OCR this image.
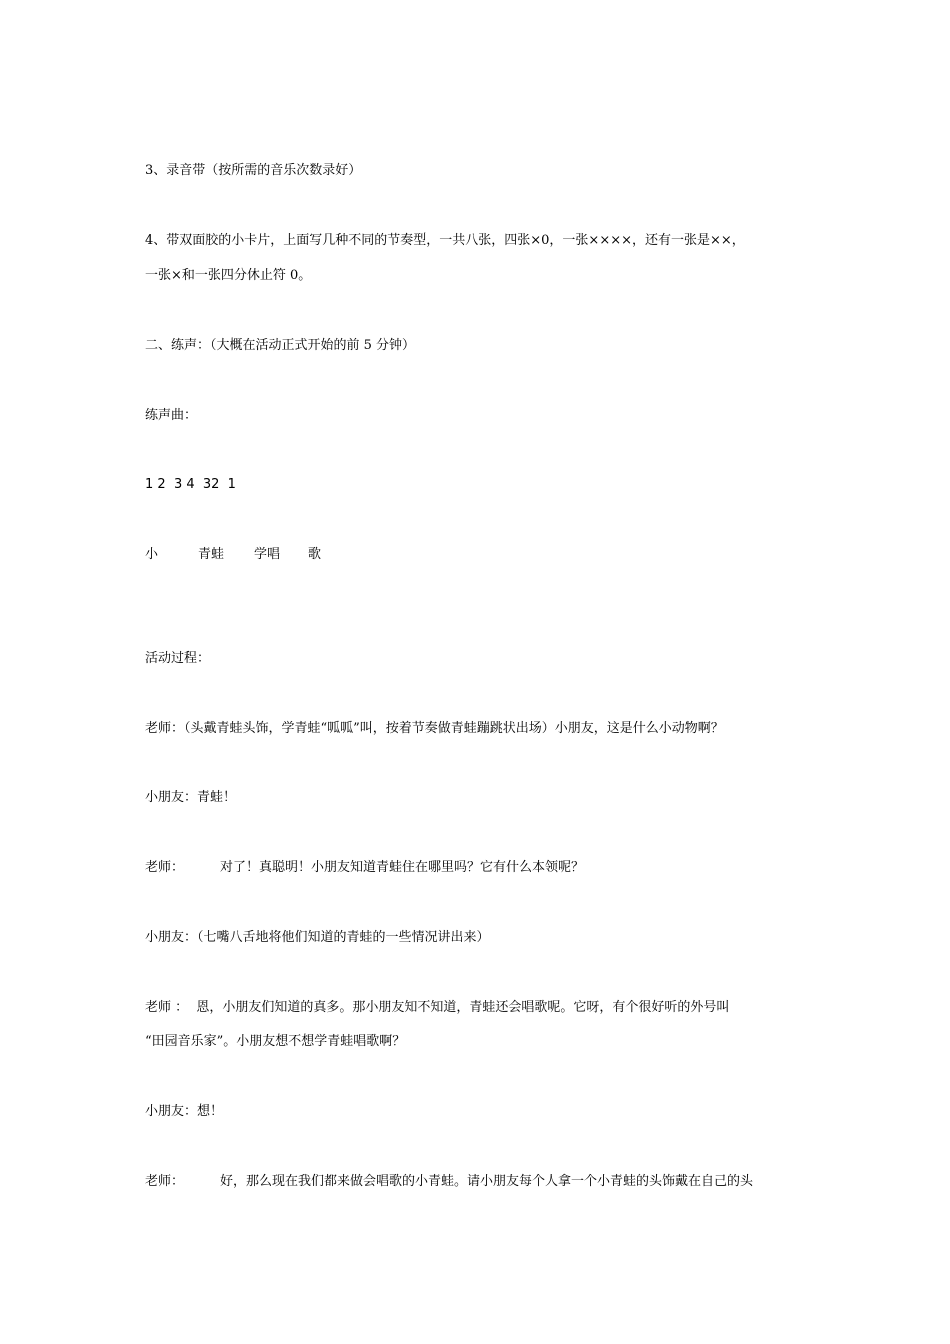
3、录音带（按所需的音乐次数录好）
4、带双面胶的小卡片，上面写几种不同的节奏型，一共八张，四张×0，一张××××，还有一张是××，
一张×和一张四分休止符 0。
二、练声：（大概在活动正式开始的前 5 分钟）
练声曲：
1 2  3 4  32  1
小	青蛙 学唱 歌
活动过程：
老师：（头戴青蛙头饰，学青蛙“呱呱”叫，按着节奏做青蛙蹦跳状出场）小朋友，这是什么小动物啊？
小朋友：青蛙！
老师：	对了！真聪明！小朋友知道青蛙住在哪里吗？它有什么本领呢？
小朋友：（七嘴八舌地将他们知道的青蛙的一些情况讲出来）
老师 ：  恩，小朋友们知道的真多。那小朋友知不知道，青蛙还会唱歌呢。它呀，有个很好听的外号叫
“田园音乐家”。小朋友想不想学青蛙唱歌啊？
小朋友：想！
老师：	好，那么现在我们都来做会唱歌的小青蛙。请小朋友每个人拿一个小青蛙的头饰戴在自己的头
